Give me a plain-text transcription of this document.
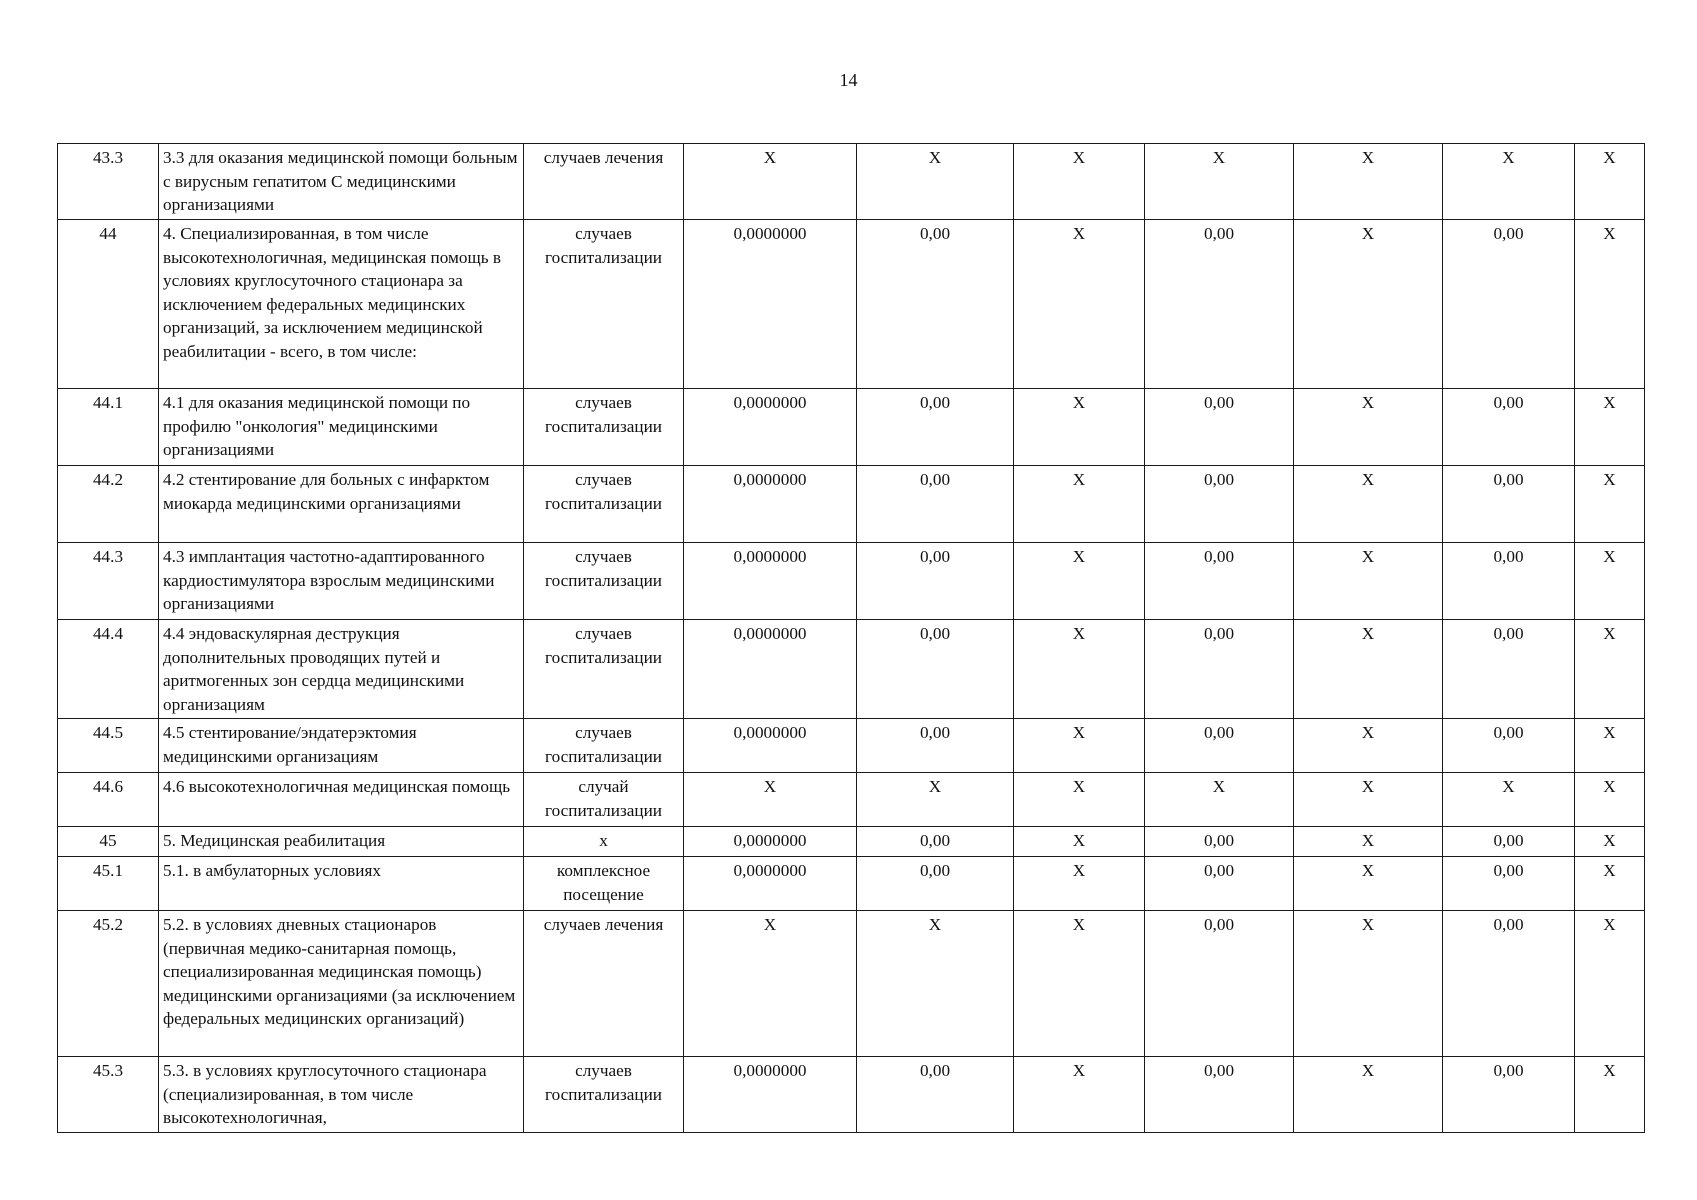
14
43.3	3.3 для оказания медицинской помощи больным с вирусным гепатитом С медицинскими организациями	случаев лечения	X	X	X	X	X	X	X
44	4. Специализированная, в том числе высокотехнологичная, медицинская помощь в условиях круглосуточного стационара за исключением федеральных медицинских организаций, за исключением медицинской реабилитации - всего, в том числе:	случаев госпитализации	0,0000000	0,00	X	0,00	X	0,00	X
44.1	4.1 для оказания медицинской помощи по профилю "онкология" медицинскими организациями	случаев госпитализации	0,0000000	0,00	X	0,00	X	0,00	X
44.2	4.2 стентирование для больных с инфарктом миокарда медицинскими организациями	случаев госпитализации	0,0000000	0,00	X	0,00	X	0,00	X
44.3	4.3 имплантация частотно-адаптированного кардиостимулятора взрослым медицинскими организациями	случаев госпитализации	0,0000000	0,00	X	0,00	X	0,00	X
44.4	4.4 эндоваскулярная деструкция дополнительных проводящих путей и аритмогенных зон сердца медицинскими организациям	случаев госпитализации	0,0000000	0,00	X	0,00	X	0,00	X
44.5	4.5 стентирование/эндатерэктомия медицинскими организациям	случаев госпитализации	0,0000000	0,00	X	0,00	X	0,00	X
44.6	4.6 высокотехнологичная медицинская помощь	случай госпитализации	X	X	X	X	X	X	X
45	5. Медицинская реабилитация	х	0,0000000	0,00	X	0,00	X	0,00	X
45.1	5.1. в амбулаторных условиях	комплексное посещение	0,0000000	0,00	X	0,00	X	0,00	X
45.2	5.2. в условиях дневных стационаров (первичная медико-санитарная помощь, специализированная медицинская помощь) медицинскими организациями (за исключением федеральных медицинских организаций)	случаев лечения	X	X	X	0,00	X	0,00	X
45.3	5.3. в условиях круглосуточного стационара (специализированная, в том числе высокотехнологичная,	случаев госпитализации	0,0000000	0,00	X	0,00	X	0,00	X
